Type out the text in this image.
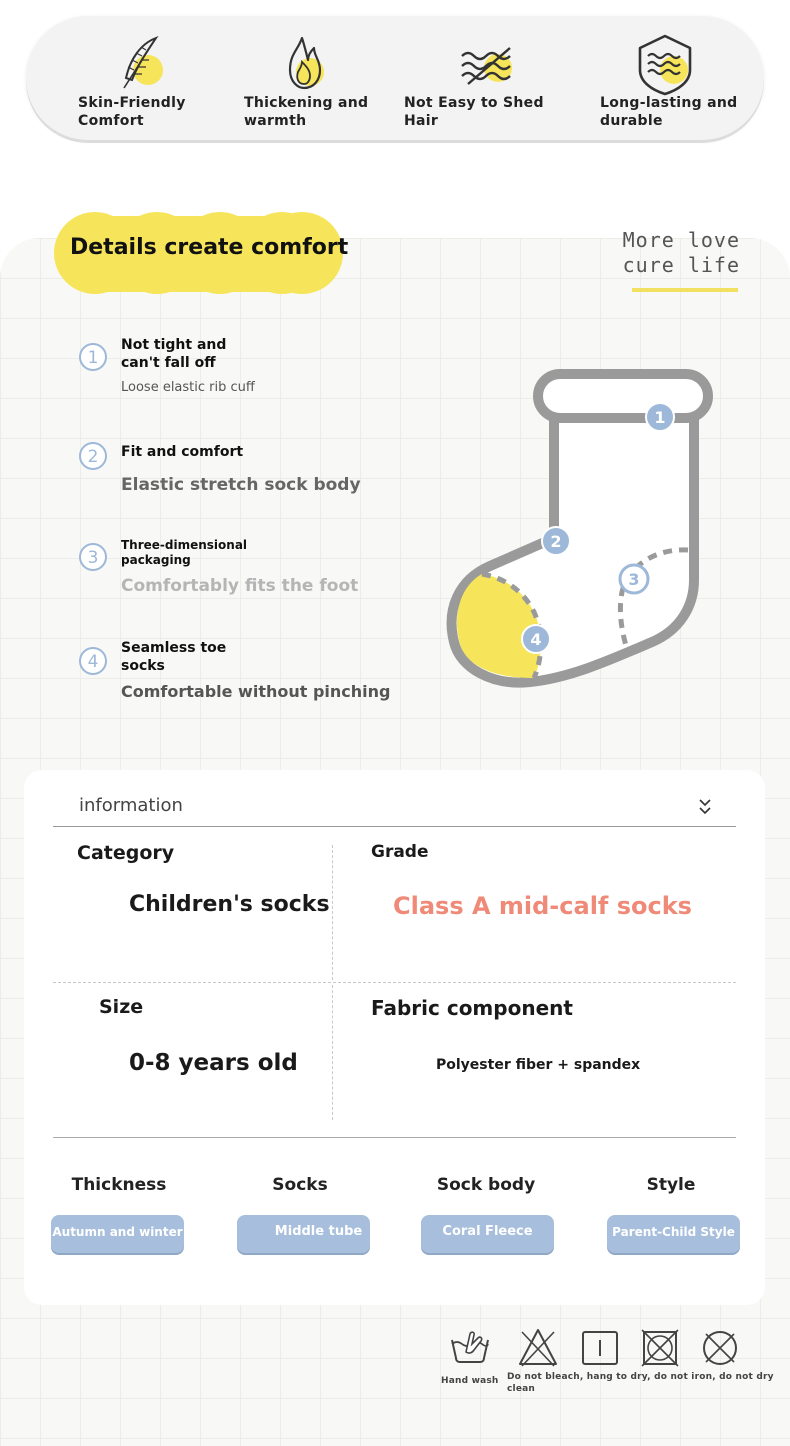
Skin-Friendly
Comfort
Thickening and
warmth
Not Easy to Shed
Hair
Long-lasting and
durable
Details create comfort	More love
cure life
1
Not tight and
can't fall off
Loose elastic rib cuff
2 Fit and comfort
Elastic stretch sock body
3
Three-dimensional
packaging
Comfortably fits the foot
4
Seamless toe
socks
Comfortable without pinching
1
2
3
4
information
Category
Children's socks
Grade
Class A mid-calf socks
Size
0-8 years old
Fabric component
Polyester fiber + spandex
Thickness
Autumn and winter
Socks
Middle tube
Sock body
Coral Fleece
Style
Parent-Child Style
Hand wash Do not bleach, hang to dry, do not iron, do not dry
clean
